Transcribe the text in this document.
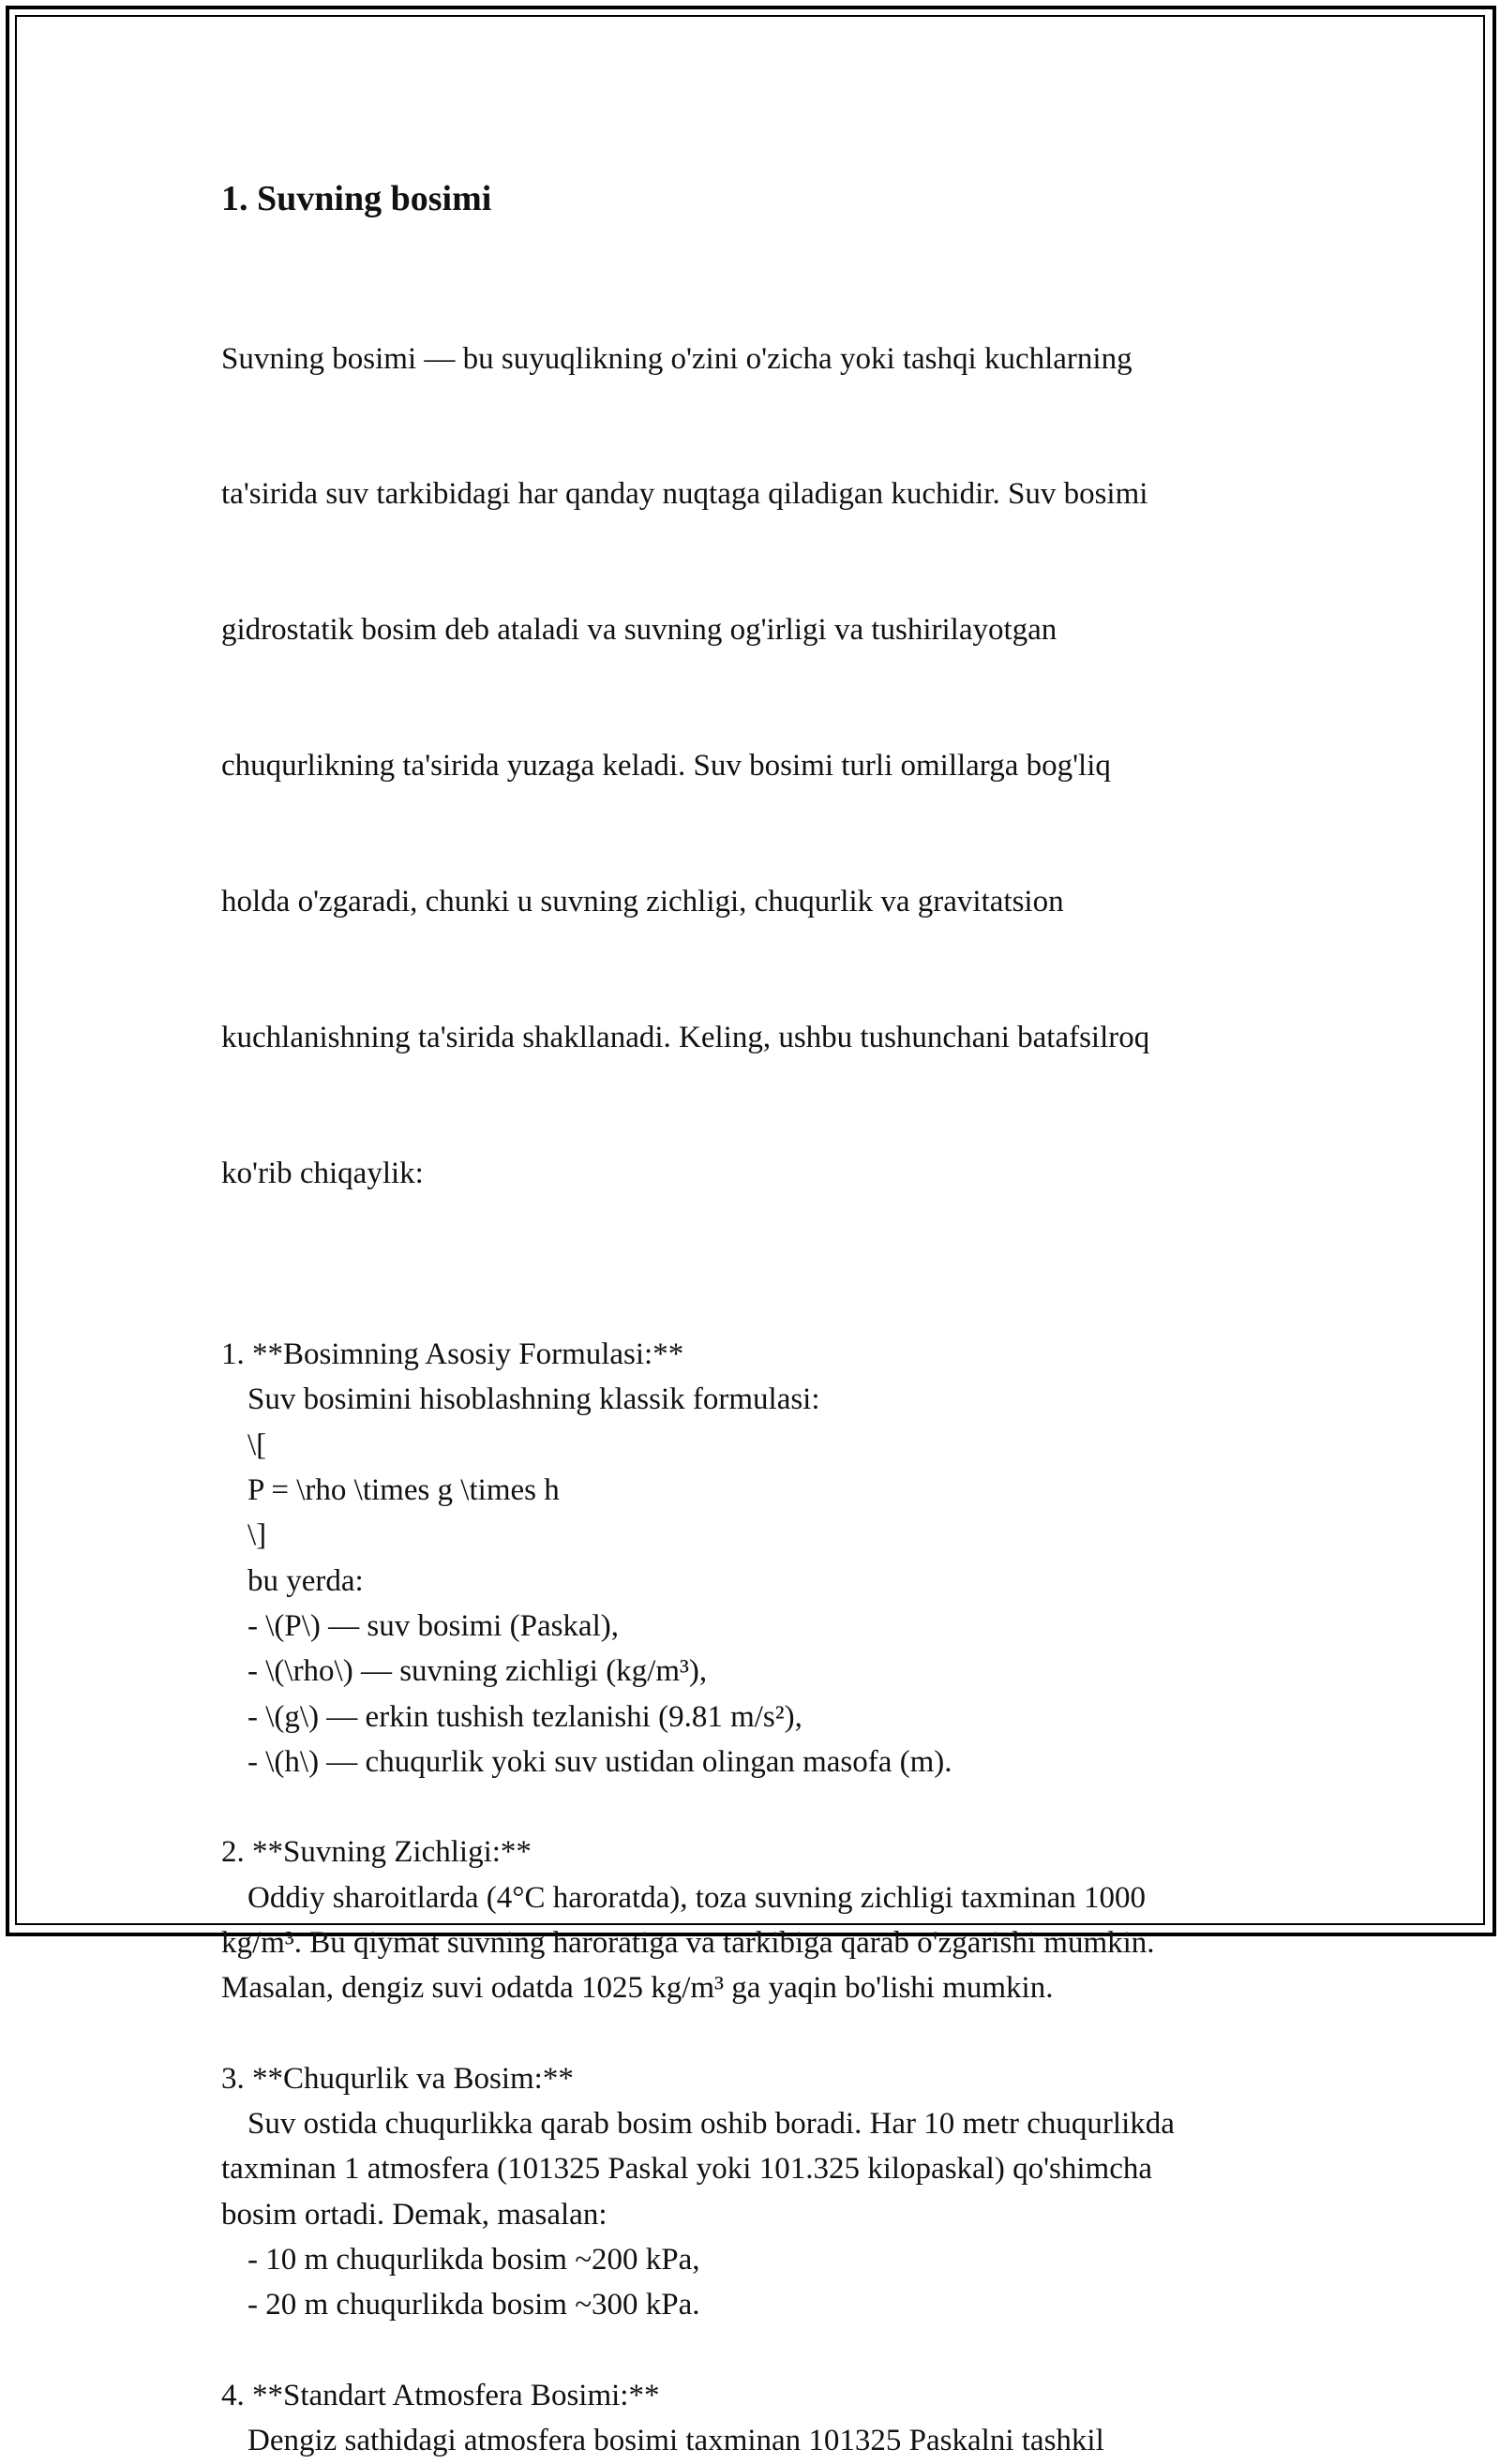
1. Suvning bosimi

Suvning bosimi — bu suyuqlikning o'zini o'zicha yoki tashqi kuchlarning

ta'sirida suv tarkibidagi har qanday nuqtaga qiladigan kuchidir. Suv bosimi

gidrostatik bosim deb ataladi va suvning og'irligi va tushirilayotgan

chuqurlikning ta'sirida yuzaga keladi. Suv bosimi turli omillarga bog'liq

holda o'zgaradi, chunki u suvning zichligi, chuqurlik va gravitatsion

kuchlanishning ta'sirida shakllanadi. Keling, ushbu tushunchani batafsilroq

ko'rib chiqaylik:

1. **Bosimning Asosiy Formulasi:**
Suv bosimini hisoblashning klassik formulasi:
\[
P = \rho \times g \times h
\]
bu yerda:
- \(P\) — suv bosimi (Paskal),
- \(\rho\) — suvning zichligi (kg/m³),
- \(g\) — erkin tushish tezlanishi (9.81 m/s²),
- \(h\) — chuqurlik yoki suv ustidan olingan masofa (m).
2. **Suvning Zichligi:**
Oddiy sharoitlarda (4°C haroratda), toza suvning zichligi taxminan 1000
kg/m³. Bu qiymat suvning haroratiga va tarkibiga qarab o'zgarishi mumkin.
Masalan, dengiz suvi odatda 1025 kg/m³ ga yaqin bo'lishi mumkin.
3. **Chuqurlik va Bosim:**
Suv ostida chuqurlikka qarab bosim oshib boradi. Har 10 metr chuqurlikda
taxminan 1 atmosfera (101325 Paskal yoki 101.325 kilopaskal) qo'shimcha
bosim ortadi. Demak, masalan:
- 10 m chuqurlikda bosim ~200 kPa,
- 20 m chuqurlikda bosim ~300 kPa.
4. **Standart Atmosfera Bosimi:**
Dengiz sathidagi atmosfera bosimi taxminan 101325 Paskalni tashkil
